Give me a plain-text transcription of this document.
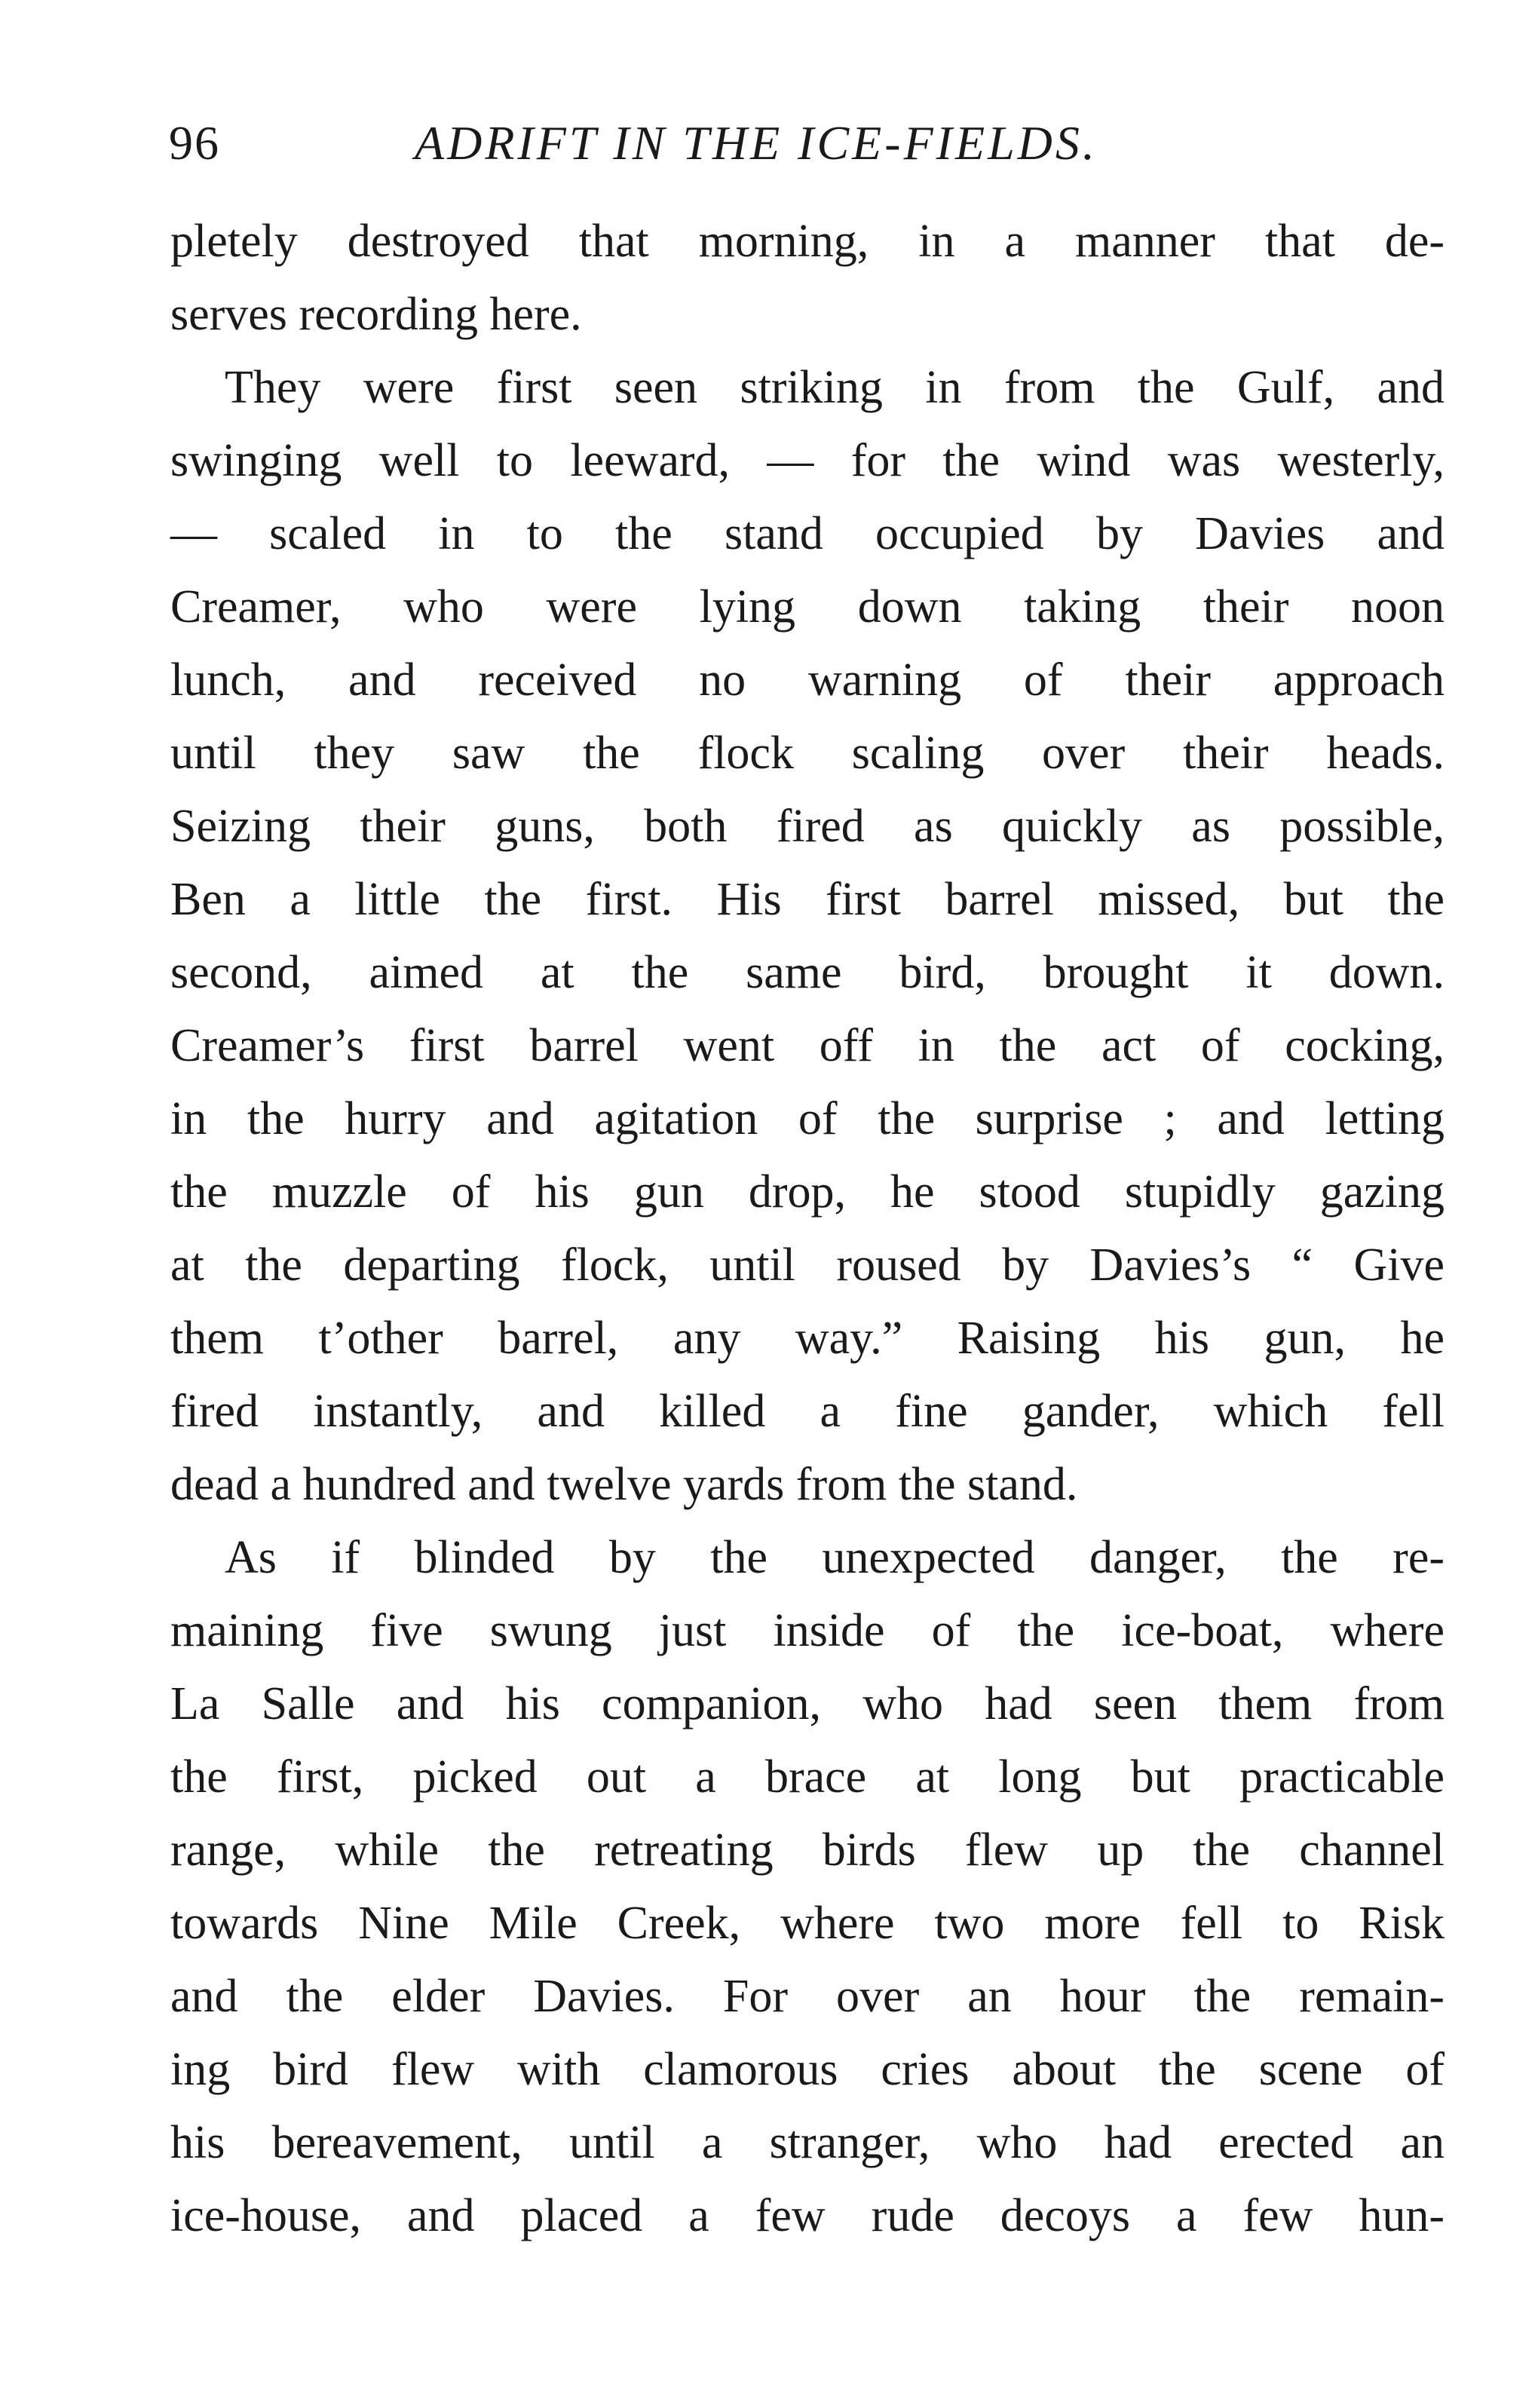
96	ADRIFT IN THE ICE-FIELDS.
pletely destroyed that morning, in a manner that de-
serves recording here.
They were first seen striking in from the Gulf, and
swinging well to leeward, — for the wind was westerly,
— scaled in to the stand occupied by Davies and
Creamer, who were lying down taking their noon
lunch, and received no warning of their approach
until they saw the flock scaling over their heads.
Seizing their guns, both fired as quickly as possible,
Ben a little the first. His first barrel missed, but the
second, aimed at the same bird, brought it down.
Creamer’s first barrel went off in the act of cocking,
in the hurry and agitation of the surprise ; and letting
the muzzle of his gun drop, he stood stupidly gazing
at the departing flock, until roused by Davies’s “ Give
them t’other barrel, any way.” Raising his gun, he
fired instantly, and killed a fine gander, which fell
dead a hundred and twelve yards from the stand.
As if blinded by the unexpected danger, the re-
maining five swung just inside of the ice-boat, where
La Salle and his companion, who had seen them from
the first, picked out a brace at long but practicable
range, while the retreating birds flew up the channel
towards Nine Mile Creek, where two more fell to Risk
and the elder Davies. For over an hour the remain-
ing bird flew with clamorous cries about the scene of
his bereavement, until a stranger, who had erected an
ice-house, and placed a few rude decoys a few hun-
